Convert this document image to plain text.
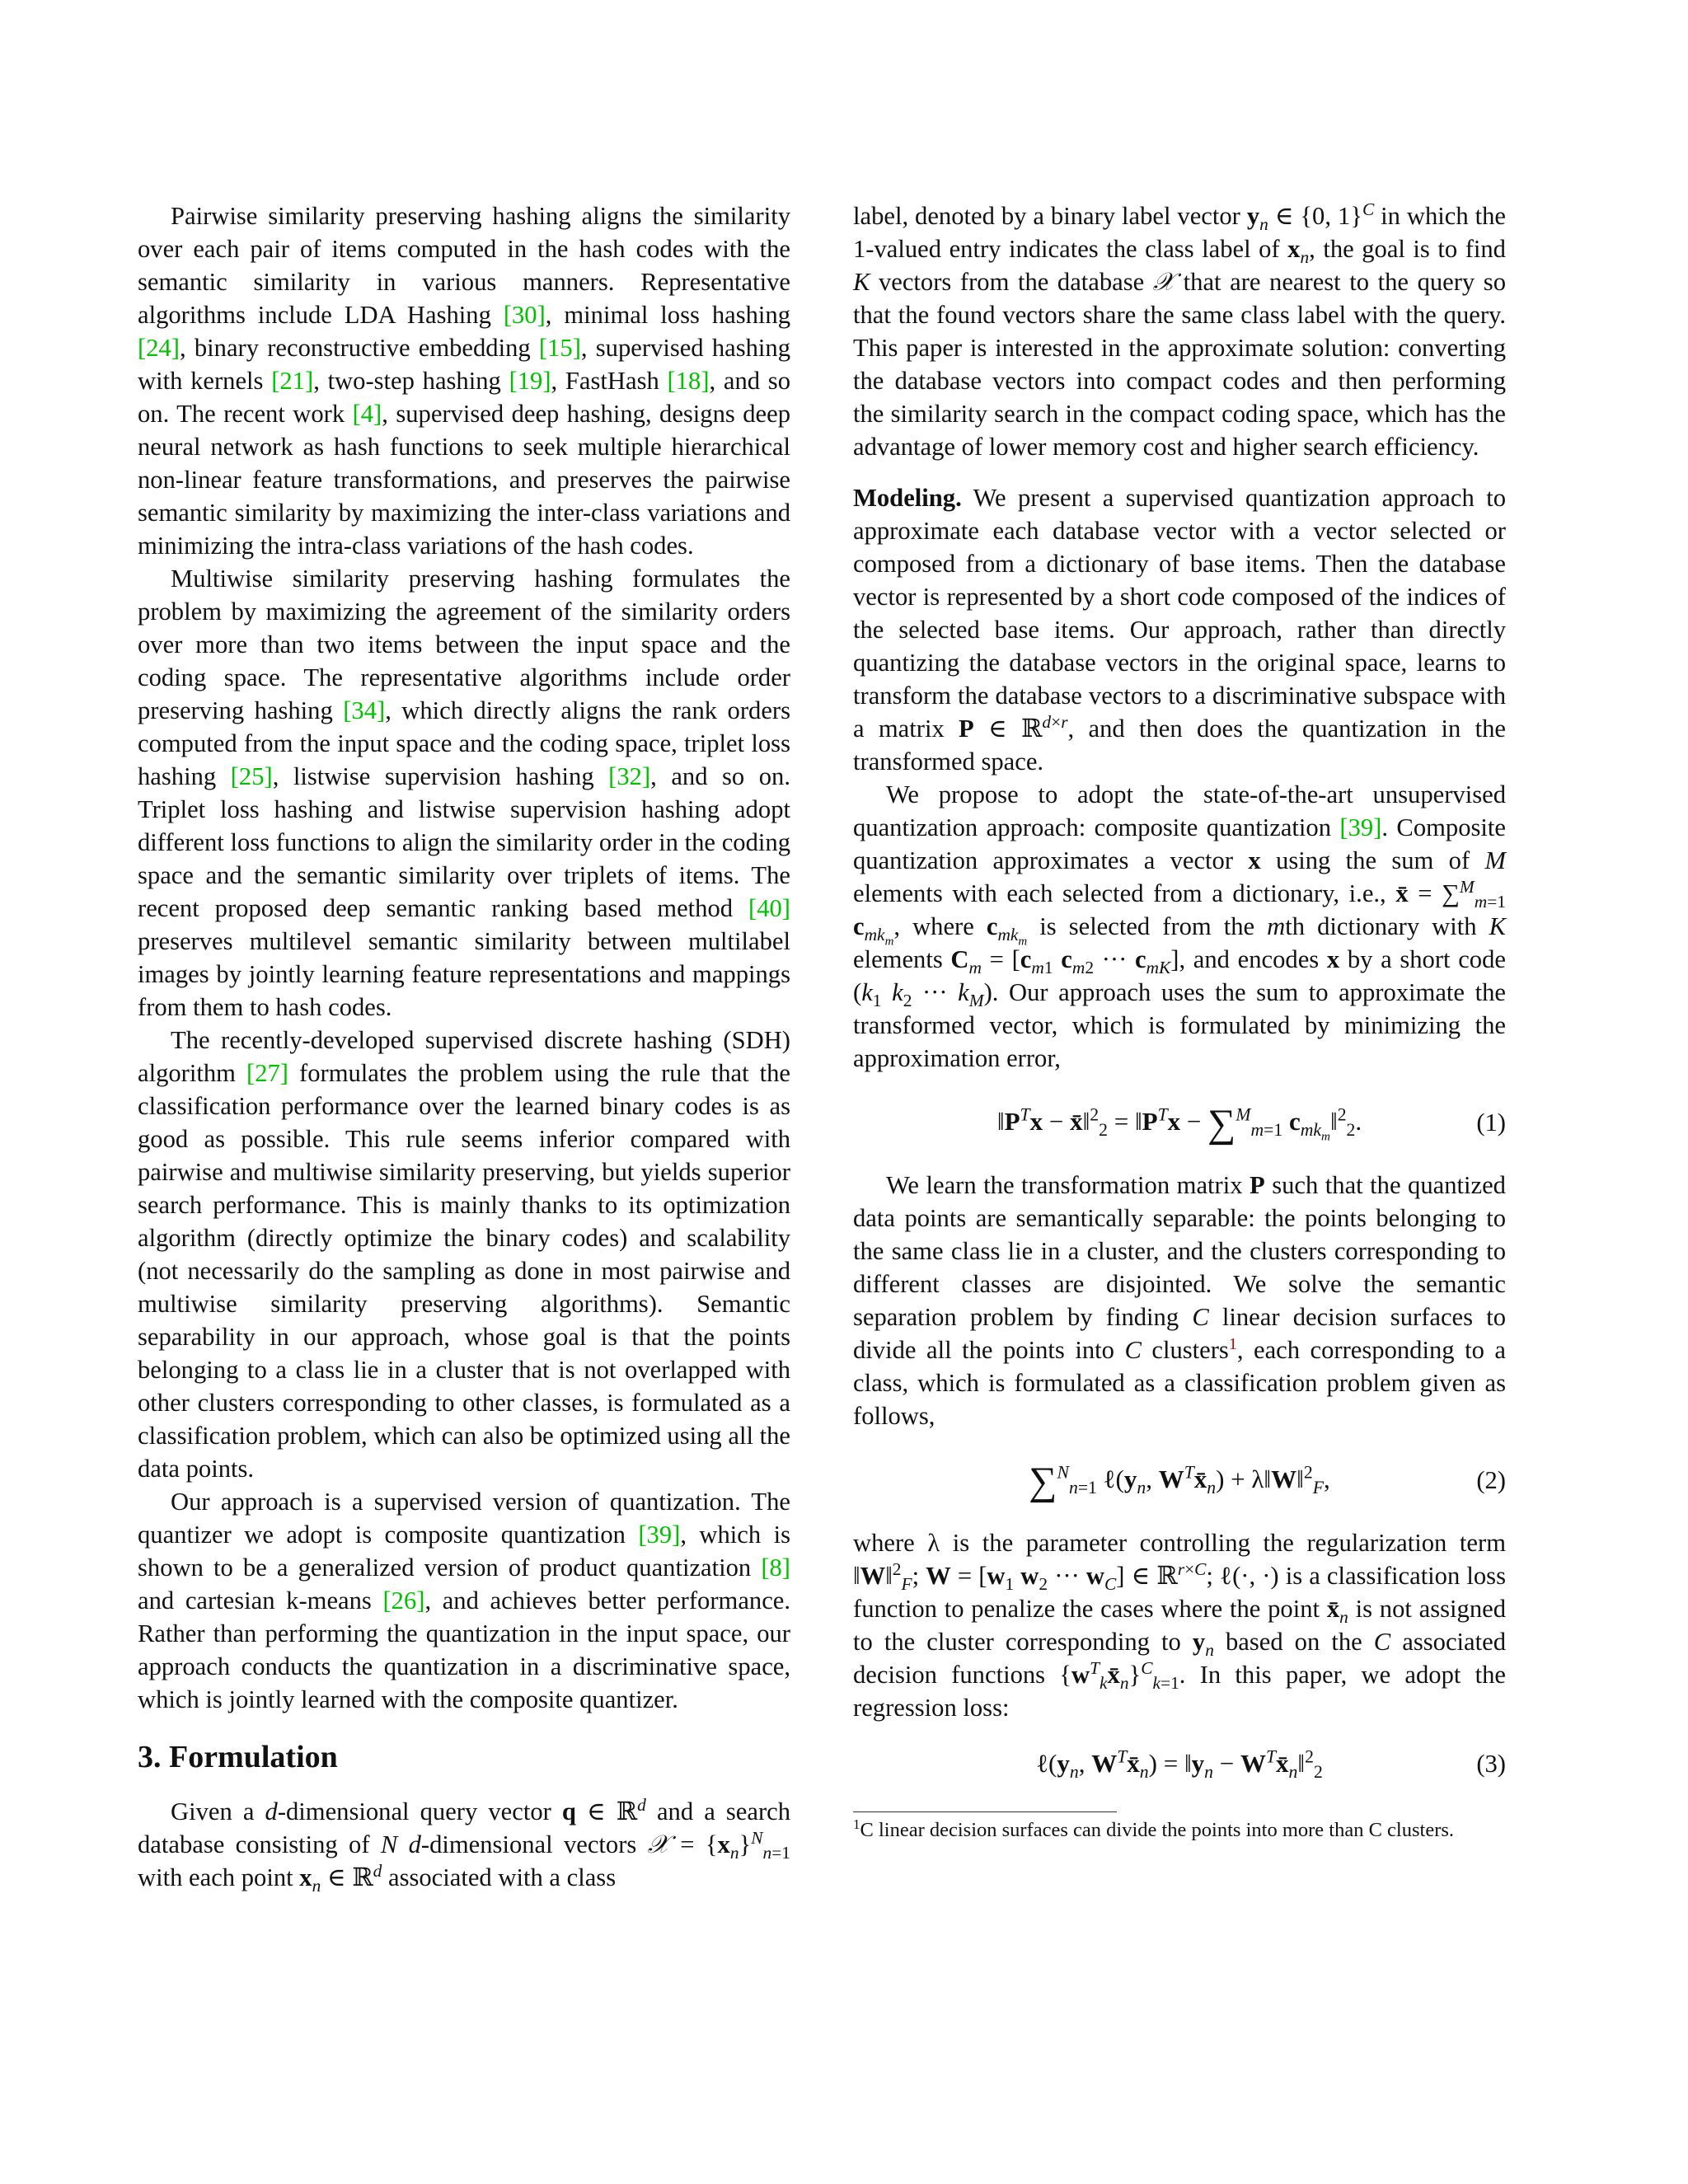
Pairwise similarity preserving hashing aligns the similarity over each pair of items computed in the hash codes with the semantic similarity in various manners. Representative algorithms include LDA Hashing [30], minimal loss hashing [24], binary reconstructive embedding [15], supervised hashing with kernels [21], two-step hashing [19], FastHash [18], and so on. The recent work [4], supervised deep hashing, designs deep neural network as hash functions to seek multiple hierarchical non-linear feature transformations, and preserves the pairwise semantic similarity by maximizing the inter-class variations and minimizing the intra-class variations of the hash codes.

Multiwise similarity preserving hashing formulates the problem by maximizing the agreement of the similarity orders over more than two items between the input space and the coding space. The representative algorithms include order preserving hashing [34], which directly aligns the rank orders computed from the input space and the coding space, triplet loss hashing [25], listwise supervision hashing [32], and so on. Triplet loss hashing and listwise supervision hashing adopt different loss functions to align the similarity order in the coding space and the semantic similarity over triplets of items. The recent proposed deep semantic ranking based method [40] preserves multilevel semantic similarity between multilabel images by jointly learning feature representations and mappings from them to hash codes.

The recently-developed supervised discrete hashing (SDH) algorithm [27] formulates the problem using the rule that the classification performance over the learned binary codes is as good as possible. This rule seems inferior compared with pairwise and multiwise similarity preserving, but yields superior search performance. This is mainly thanks to its optimization algorithm (directly optimize the binary codes) and scalability (not necessarily do the sampling as done in most pairwise and multiwise similarity preserving algorithms). Semantic separability in our approach, whose goal is that the points belonging to a class lie in a cluster that is not overlapped with other clusters corresponding to other classes, is formulated as a classification problem, which can also be optimized using all the data points.

Our approach is a supervised version of quantization. The quantizer we adopt is composite quantization [39], which is shown to be a generalized version of product quantization [8] and cartesian k-means [26], and achieves better performance. Rather than performing the quantization in the input space, our approach conducts the quantization in a discriminative space, which is jointly learned with the composite quantizer.

3. Formulation

Given a d-dimensional query vector q ∈ ℝ$^d$ and a search database consisting of N d-dimensional vectors 𝒳 = $\{x_n\}^N_{n=1}$ with each point $x_n$ ∈ ℝ$^d$ associated with a class

label, denoted by a binary label vector $y_n$ ∈ {0, 1}$^C$ in which the 1-valued entry indicates the class label of $x_n$, the goal is to find K vectors from the database 𝒳 that are nearest to the query so that the found vectors share the same class label with the query. This paper is interested in the approximate solution: converting the database vectors into compact codes and then performing the similarity search in the compact coding space, which has the advantage of lower memory cost and higher search efficiency.

Modeling. We present a supervised quantization approach to approximate each database vector with a vector selected or composed from a dictionary of base items. Then the database vector is represented by a short code composed of the indices of the selected base items. Our approach, rather than directly quantizing the database vectors in the original space, learns to transform the database vectors to a discriminative subspace with a matrix P ∈ ℝ$^{d\times r}$, and then does the quantization in the transformed space.

We propose to adopt the state-of-the-art unsupervised quantization approach: composite quantization [39]. Composite quantization approximates a vector x using the sum of M elements with each selected from a dictionary, i.e., x̄ = ∑$^M_{m=1}$ $c_{mk_m}$, where $c_{mk_m}$ is selected from the mth dictionary with K elements $C_m = [c_{m1}$ $c_{m2}$ ··· $c_{mK}$], and encodes x by a short code ($k_1$ $k_2$ ··· $k_M$). Our approach uses the sum to approximate the transformed vector, which is formulated by minimizing the approximation error,

$‖P^Tx$ − x̄‖$^2_2$ = $‖P^Tx - \sum^M_{m=1}$ $c_{mk_m}‖^2_2$.	(1)

We learn the transformation matrix P such that the quantized data points are semantically separable: the points belonging to the same class lie in a cluster, and the clusters corresponding to different classes are disjointed. We solve the semantic separation problem by finding C linear decision surfaces to divide all the points into C clusters$^1$, each corresponding to a class, which is formulated as a classification problem given as follows,

∑$^N_{n=1}$ $\ell(y_n$, $W^Tx̄_n$) + λ‖W‖$^2_F$,	(2)

where λ is the parameter controlling the regularization term ‖W‖$^2_F$; $W = [w_1$ $w_2$ ··· $w_C$] ∈ ℝ$^{r\times C}$; ℓ(·, ·) is a classification loss function to penalize the cases where the point $x̄_n$ is not assigned to the cluster corresponding to $y_n$ based on the C associated decision functions $\{w^T_kx̄_n\}^C_{k=1}$. In this paper, we adopt the regression loss:

$\ell(y_n$, $W^Tx̄_n$) = $‖y_n$ − $W^Tx̄_n‖^2_2$	(3)

$^1$C linear decision surfaces can divide the points into more than C clusters.
